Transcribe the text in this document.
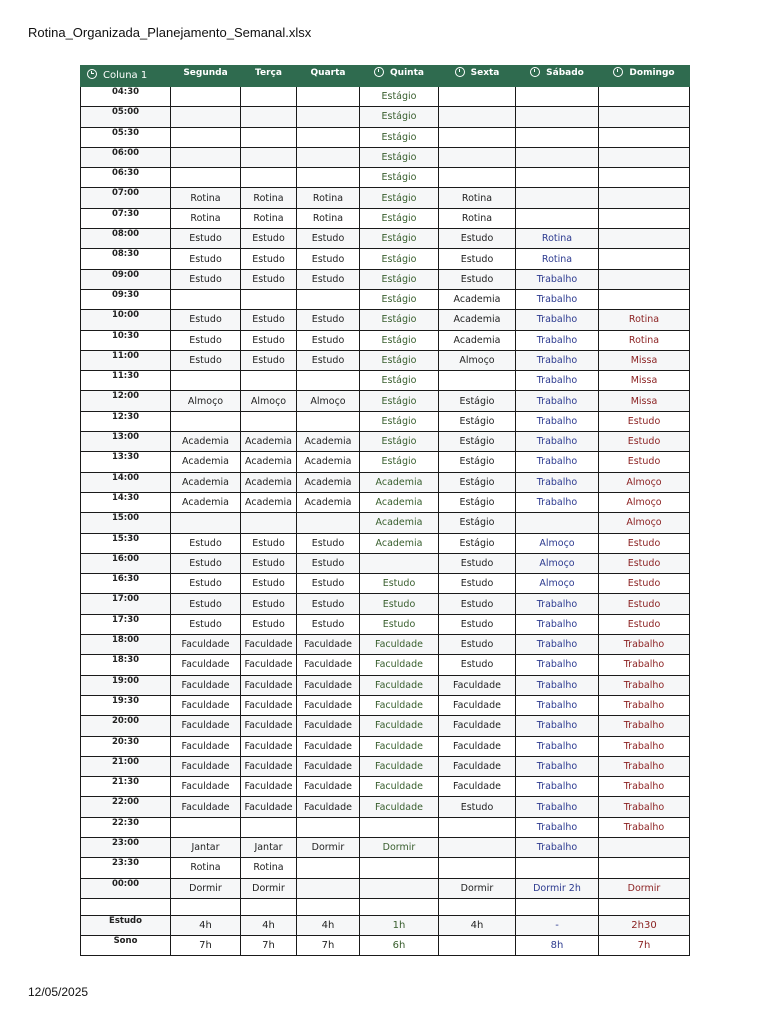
Rotina_Organizada_Planejamento_Semanal.xlsx
Coluna 1	Segunda	Terça	Quarta	Quinta	Sexta	Sábado	Domingo
04:30				Estágio			
05:00				Estágio			
05:30				Estágio			
06:00				Estágio			
06:30				Estágio			
07:00	Rotina	Rotina	Rotina	Estágio	Rotina		
07:30	Rotina	Rotina	Rotina	Estágio	Rotina		
08:00	Estudo	Estudo	Estudo	Estágio	Estudo	Rotina	
08:30	Estudo	Estudo	Estudo	Estágio	Estudo	Rotina	
09:00	Estudo	Estudo	Estudo	Estágio	Estudo	Trabalho	
09:30				Estágio	Academia	Trabalho	
10:00	Estudo	Estudo	Estudo	Estágio	Academia	Trabalho	Rotina
10:30	Estudo	Estudo	Estudo	Estágio	Academia	Trabalho	Rotina
11:00	Estudo	Estudo	Estudo	Estágio	Almoço	Trabalho	Missa
11:30				Estágio		Trabalho	Missa
12:00	Almoço	Almoço	Almoço	Estágio	Estágio	Trabalho	Missa
12:30				Estágio	Estágio	Trabalho	Estudo
13:00	Academia	Academia	Academia	Estágio	Estágio	Trabalho	Estudo
13:30	Academia	Academia	Academia	Estágio	Estágio	Trabalho	Estudo
14:00	Academia	Academia	Academia	Academia	Estágio	Trabalho	Almoço
14:30	Academia	Academia	Academia	Academia	Estágio	Trabalho	Almoço
15:00				Academia	Estágio		Almoço
15:30	Estudo	Estudo	Estudo	Academia	Estágio	Almoço	Estudo
16:00	Estudo	Estudo	Estudo		Estudo	Almoço	Estudo
16:30	Estudo	Estudo	Estudo	Estudo	Estudo	Almoço	Estudo
17:00	Estudo	Estudo	Estudo	Estudo	Estudo	Trabalho	Estudo
17:30	Estudo	Estudo	Estudo	Estudo	Estudo	Trabalho	Estudo
18:00	Faculdade	Faculdade	Faculdade	Faculdade	Estudo	Trabalho	Trabalho
18:30	Faculdade	Faculdade	Faculdade	Faculdade	Estudo	Trabalho	Trabalho
19:00	Faculdade	Faculdade	Faculdade	Faculdade	Faculdade	Trabalho	Trabalho
19:30	Faculdade	Faculdade	Faculdade	Faculdade	Faculdade	Trabalho	Trabalho
20:00	Faculdade	Faculdade	Faculdade	Faculdade	Faculdade	Trabalho	Trabalho
20:30	Faculdade	Faculdade	Faculdade	Faculdade	Faculdade	Trabalho	Trabalho
21:00	Faculdade	Faculdade	Faculdade	Faculdade	Faculdade	Trabalho	Trabalho
21:30	Faculdade	Faculdade	Faculdade	Faculdade	Faculdade	Trabalho	Trabalho
22:00	Faculdade	Faculdade	Faculdade	Faculdade	Estudo	Trabalho	Trabalho
22:30						Trabalho	Trabalho
23:00	Jantar	Jantar	Dormir	Dormir		Trabalho	
23:30	Rotina	Rotina					
00:00	Dormir	Dormir			Dormir	Dormir 2h	Dormir

Estudo	4h	4h	4h	1h	4h	-	2h30
Sono	7h	7h	7h	6h		8h	7h
12/05/2025
